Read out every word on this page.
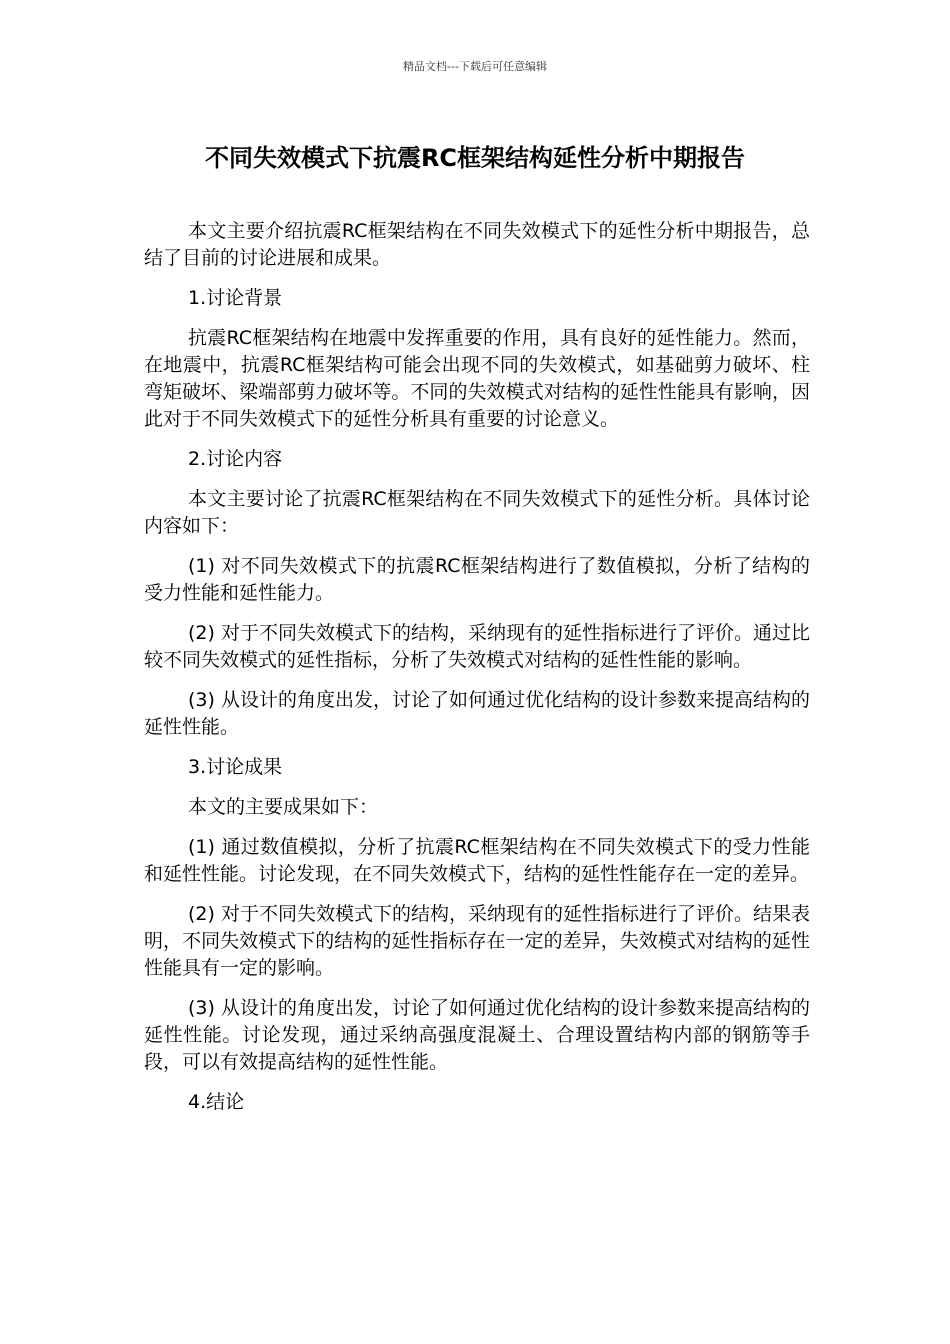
精品文档---下载后可任意编辑
不同失效模式下抗震RC框架结构延性分析中期报告

本文主要介绍抗震RC框架结构在不同失效模式下的延性分析中期报告，总结了目前的讨论进展和成果。

1.讨论背景

抗震RC框架结构在地震中发挥重要的作用，具有良好的延性能力。然而，在地震中，抗震RC框架结构可能会出现不同的失效模式，如基础剪力破坏、柱弯矩破坏、梁端部剪力破坏等。不同的失效模式对结构的延性性能具有影响，因此对于不同失效模式下的延性分析具有重要的讨论意义。

2.讨论内容

本文主要讨论了抗震RC框架结构在不同失效模式下的延性分析。具体讨论内容如下：

(1) 对不同失效模式下的抗震RC框架结构进行了数值模拟，分析了结构的受力性能和延性能力。

(2) 对于不同失效模式下的结构，采纳现有的延性指标进行了评价。通过比较不同失效模式的延性指标，分析了失效模式对结构的延性性能的影响。

(3) 从设计的角度出发，讨论了如何通过优化结构的设计参数来提高结构的延性性能。

3.讨论成果

本文的主要成果如下：

(1) 通过数值模拟，分析了抗震RC框架结构在不同失效模式下的受力性能和延性性能。讨论发现，在不同失效模式下，结构的延性性能存在一定的差异。

(2) 对于不同失效模式下的结构，采纳现有的延性指标进行了评价。结果表明，不同失效模式下的结构的延性指标存在一定的差异，失效模式对结构的延性性能具有一定的影响。

(3) 从设计的角度出发，讨论了如何通过优化结构的设计参数来提高结构的延性性能。讨论发现，通过采纳高强度混凝土、合理设置结构内部的钢筋等手段，可以有效提高结构的延性性能。

4.结论
